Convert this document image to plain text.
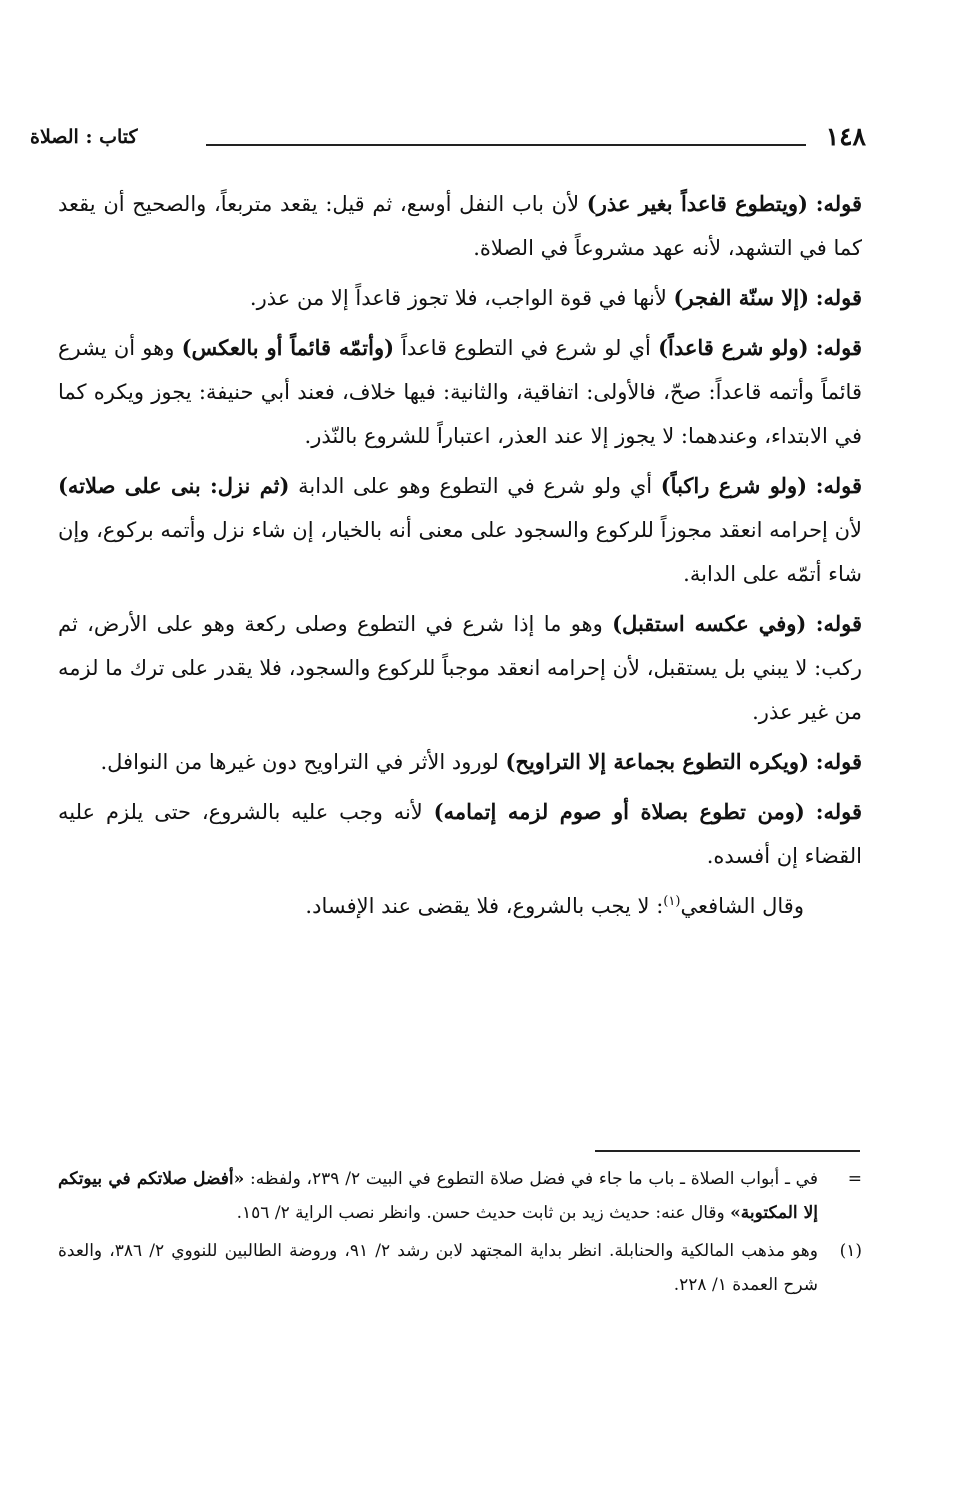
١٤٨
كتاب : الصلاة

قوله: (ويتطوع قاعداً بغير عذر) لأن باب النفل أوسع، ثم قيل: يقعد متربعاً، والصحيح أن يقعد كما في التشهد، لأنه عهد مشروعاً في الصلاة.

قوله: (إلا سنّة الفجر) لأنها في قوة الواجب، فلا تجوز قاعداً إلا من عذر.

قوله: (ولو شرع قاعداً) أي لو شرع في التطوع قاعداً (وأتمّه قائماً أو بالعكس) وهو أن يشرع قائماً وأتمه قاعداً: صحّ، فالأولى: اتفاقية، والثانية: فيها خلاف، فعند أبي حنيفة: يجوز ويكره كما في الابتداء، وعندهما: لا يجوز إلا عند العذر، اعتباراً للشروع بالنّذر.

قوله: (ولو شرع راكباً) أي ولو شرع في التطوع وهو على الدابة (ثم نزل: بنى على صلاته) لأن إحرامه انعقد مجوزاً للركوع والسجود على معنى أنه بالخيار، إن شاء نزل وأتمه بركوع، وإن شاء أتمّه على الدابة.

قوله: (وفي عكسه استقبل) وهو ما إذا شرع في التطوع وصلى ركعة وهو على الأرض، ثم ركب: لا يبني بل يستقبل، لأن إحرامه انعقد موجباً للركوع والسجود، فلا يقدر على ترك ما لزمه من غير عذر.

قوله: (ويكره التطوع بجماعة إلا التراويح) لورود الأثر في التراويح دون غيرها من النوافل.

قوله: (ومن تطوع بصلاة أو صوم لزمه إتمامه) لأنه وجب عليه بالشروع، حتى يلزم عليه القضاء إن أفسده.

وقال الشافعي$^{(١)}$: لا يجب بالشروع، فلا يقضى عند الإفساد.

=
في ـ أبواب الصلاة ـ باب ما جاء في فضل صلاة التطوع في البيت ٢/ ٢٣٩، ولفظه: «أفضل صلاتكم في بيوتكم إلا المكتوبة» وقال عنه: حديث زيد بن ثابت حديث حسن. وانظر نصب الراية ٢/ ١٥٦.
(١)
وهو مذهب المالكية والحنابلة. انظر بداية المجتهد لابن رشد ٢/ ٩١، وروضة الطالبين للنووي ٢/ ٣٨٦، والعدة شرح العمدة ١/ ٢٢٨.
